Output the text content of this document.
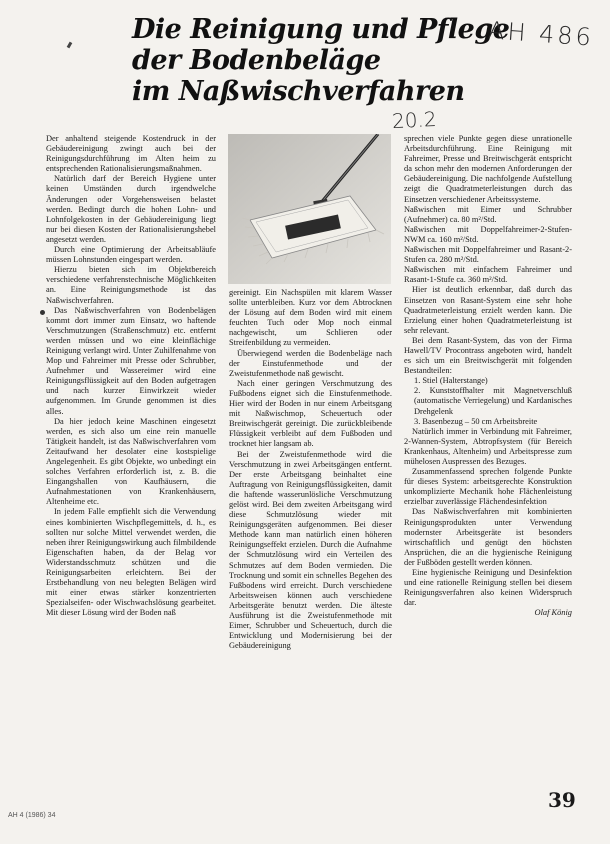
Die Reinigung und Pflege
der Bodenbeläge
im Naßwischverfahren
AH 486
20.2

Der anhaltend steigende Kostendruck in der Gebäudereinigung zwingt auch bei der Reinigungsdurchführung im Alten heim zu entsprechenden Rationalisierungsmaßnahmen.

Natürlich darf der Bereich Hygiene unter keinen Umständen durch irgendwelche Änderungen oder Vorgehensweisen belastet werden. Bedingt durch die hohen Lohn- und Lohnfolgekosten in der Gebäudereinigung liegt nur bei diesen Kosten der Rationalisierungshebel angesetzt werden.

Durch eine Optimierung der Arbeitsabläufe müssen Lohnstunden eingespart werden.

Hierzu bieten sich im Objektbereich verschiedene verfahrenstechnische Möglichkeiten an. Eine Reinigungsmethode ist das Naßwischverfahren.

Das Naßwischverfahren von Bodenbelägen kommt dort immer zum Einsatz, wo haftende Verschmutzungen (Straßenschmutz) etc. entfernt werden müssen und wo eine kleinflächige Reinigung verlangt wird. Unter Zuhilfenahme von Mop und Fahreimer mit Presse oder Schrubber, Aufnehmer und Wassereimer wird eine Reinigungsflüssigkeit auf den Boden aufgetragen und nach kurzer Einwirkzeit wieder aufgenommen. Im Grunde genommen ist dies alles.

Da hier jedoch keine Maschinen eingesetzt werden, es sich also um eine rein manuelle Tätigkeit handelt, ist das Naßwischverfahren vom Zeitaufwand her desolater eine kostspielige Angelegenheit. Es gibt Objekte, wo unbedingt ein solches Verfahren erforderlich ist, z. B. die Eingangshallen von Kaufhäusern, die Aufnahmestationen von Krankenhäusern, Altenheime etc.

In jedem Falle empfiehlt sich die Verwendung eines kombinierten Wischpflegemittels, d. h., es sollten nur solche Mittel verwendet werden, die neben ihrer Reinigungswirkung auch filmbildende Eigenschaften haben, da der Belag vor Widerstandsschmutz schützen und die Reinigungsarbeiten erleichtern. Bei der Erstbehandlung von neu belegten Belägen wird mit einer etwas stärker konzentrierten Spezialseifen- oder Wischwachslösung gearbeitet. Mit dieser Lösung wird der Boden naß

gereinigt. Ein Nachspülen mit klarem Wasser sollte unterbleiben. Kurz vor dem Abtrocknen der Lösung auf dem Boden wird mit einem feuchten Tuch oder Mop noch einmal nachgewischt, um Schlieren oder Streifenbildung zu vermeiden.

Überwiegend werden die Bodenbeläge nach der Einstufenmethode und der Zweistufenmethode naß gewischt.

Nach einer geringen Verschmutzung des Fußbodens eignet sich die Einstufenmethode. Hier wird der Boden in nur einem Arbeitsgang mit Naßwischmop, Scheuertuch oder Breitwischgerät gereinigt. Die zurückbleibende Flüssigkeit verbleibt auf dem Fußboden und trocknet hier langsam ab.

Bei der Zweistufenmethode wird die Verschmutzung in zwei Arbeitsgängen entfernt. Der erste Arbeitsgang beinhaltet eine Auftragung von Reinigungsflüssigkeiten, damit die haftende wasserunlösliche Verschmutzung gelöst wird. Bei dem zweiten Arbeitsgang wird diese Schmutzlösung wieder mit Reinigungsgeräten aufgenommen. Bei dieser Methode kann man natürlich einen höheren Reinigungseffekt erzielen. Durch die Aufnahme der Schmutzlösung wird ein Verteilen des Schmutzes auf dem Boden vermieden. Die Trocknung und somit ein schnelles Begehen des Fußbodens wird erreicht. Durch verschiedene Arbeitsweisen können auch verschiedene Arbeitsgeräte benutzt werden. Die älteste Ausführung ist die Zweistufenmethode mit Eimer, Schrubber und Scheuertuch, durch die Entwicklung und Modernisierung bei der Gebäudereinigung

sprechen viele Punkte gegen diese unrationelle Arbeitsdurchführung. Eine Reinigung mit Fahreimer, Presse und Breitwischgerät entspricht da schon mehr den modernen Anforderungen der Gebäudereinigung. Die nachfolgende Aufstellung zeigt die Quadratmeterleistungen durch das Einsetzen verschiedener Arbeitssysteme.

Naßwischen mit Eimer und Schrubber (Aufnehmer) ca. 80 m²/Std.

Naßwischen mit Doppelfahreimer-2-Stufen-NWM ca. 160 m²/Std.

Naßwischen mit Doppelfahreimer und Rasant-2-Stufen ca. 280 m²/Std.

Naßwischen mit einfachem Fahreimer und Rasant-1-Stufe ca. 360 m²/Std.

Hier ist deutlich erkennbar, daß durch das Einsetzen von Rasant-System eine sehr hohe Quadratmeterleistung erzielt werden kann. Die Erzielung einer hohen Quadratmeterleistung ist sehr relevant.

Bei dem Rasant-System, das von der Firma Hawell/TV Procontrass angeboten wird, handelt es sich um ein Breitwischgerät mit folgenden Bestandteilen:

1. Stiel (Halterstange)

2. Kunststoffhalter mit Magnetverschluß (automatische Verriegelung) und Kardanisches Drehgelenk

3. Basenbezug – 50 cm Arbeitsbreite

Natürlich immer in Verbindung mit Fahreimer, 2-Wannen-System, Abtropfsystem (für Bereich Krankenhaus, Altenheim) und Arbeitspresse zum mühelosen Auspressen des Bezuges.

Zusammenfassend sprechen folgende Punkte für dieses System: arbeitsgerechte Konstruktion unkomplizierte Mechanik hohe Flächenleistung erzielbar zuverlässige Flächendesinfektion

Das Naßwischverfahren mit kombinierten Reinigungsprodukten unter Verwendung modernster Arbeitsgeräte ist besonders wirtschaftlich und genügt den höchsten Ansprüchen, die an die hygienische Reinigung der Fußböden gestellt werden können.

Eine hygienische Reinigung und Desinfektion und eine rationelle Reinigung stellen bei diesem Reinigungsverfahren also keinen Widerspruch dar.

Olaf König

39
AH 4 (1986) 34
